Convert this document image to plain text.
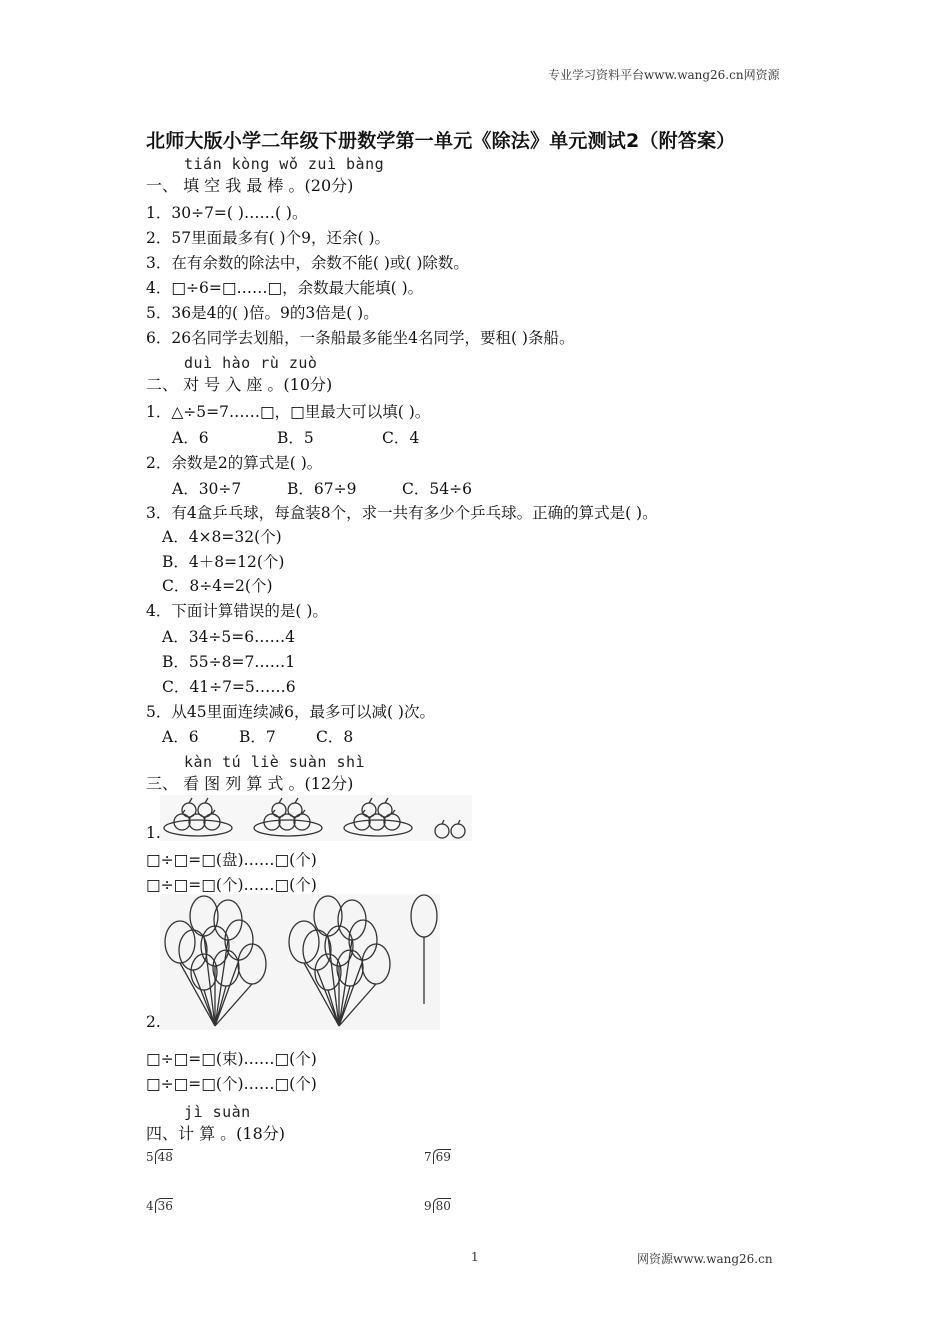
专业学习资料平台www.wang26.cn网资源
北师大版小学二年级下册数学第一单元《除法》单元测试2（附答案）
tián kòng wǒ zuì bàng
一、 填 空 我 最 棒 。(20分)
1．30÷7=( )……( )。
2．57里面最多有( )个9，还余( )。
3．在有余数的除法中，余数不能( )或( )除数。
4．□÷6=□……□，余数最大能填( )。
5．36是4的( )倍。9的3倍是( )。
6．26名同学去划船，一条船最多能坐4名同学，要租( )条船。
duì hào rù zuò
二、 对 号 入 座 。(10分)
1．△÷5=7……□，□里最大可以填( )。
A．6	B．5	C．4
2．余数是2的算式是( )。
A．30÷7	B．67÷9	C．54÷6
3．有4盒乒乓球，每盒装8个，求一共有多少个乒乓球。正确的算式是( )。
A．4×8=32(个)
B．4＋8=12(个)
C．8÷4=2(个)
4．下面计算错误的是( )。
A．34÷5=6……4
B．55÷8=7……1
C．41÷7=5……6
5．从45里面连续减6，最多可以减( )次。
A．6	B．7	C．8
kàn tú liè suàn shì
三、 看 图 列 算 式 。(12分)
1.
□÷□=□(盘)……□(个)
□÷□=□(个)……□(个)
2.
□÷□=□(束)……□(个)
□÷□=□(个)……□(个)
jì suàn
四、计 算 。(18分)
5 48	7 69
4 36	9 80
1	网资源www.wang26.cn
